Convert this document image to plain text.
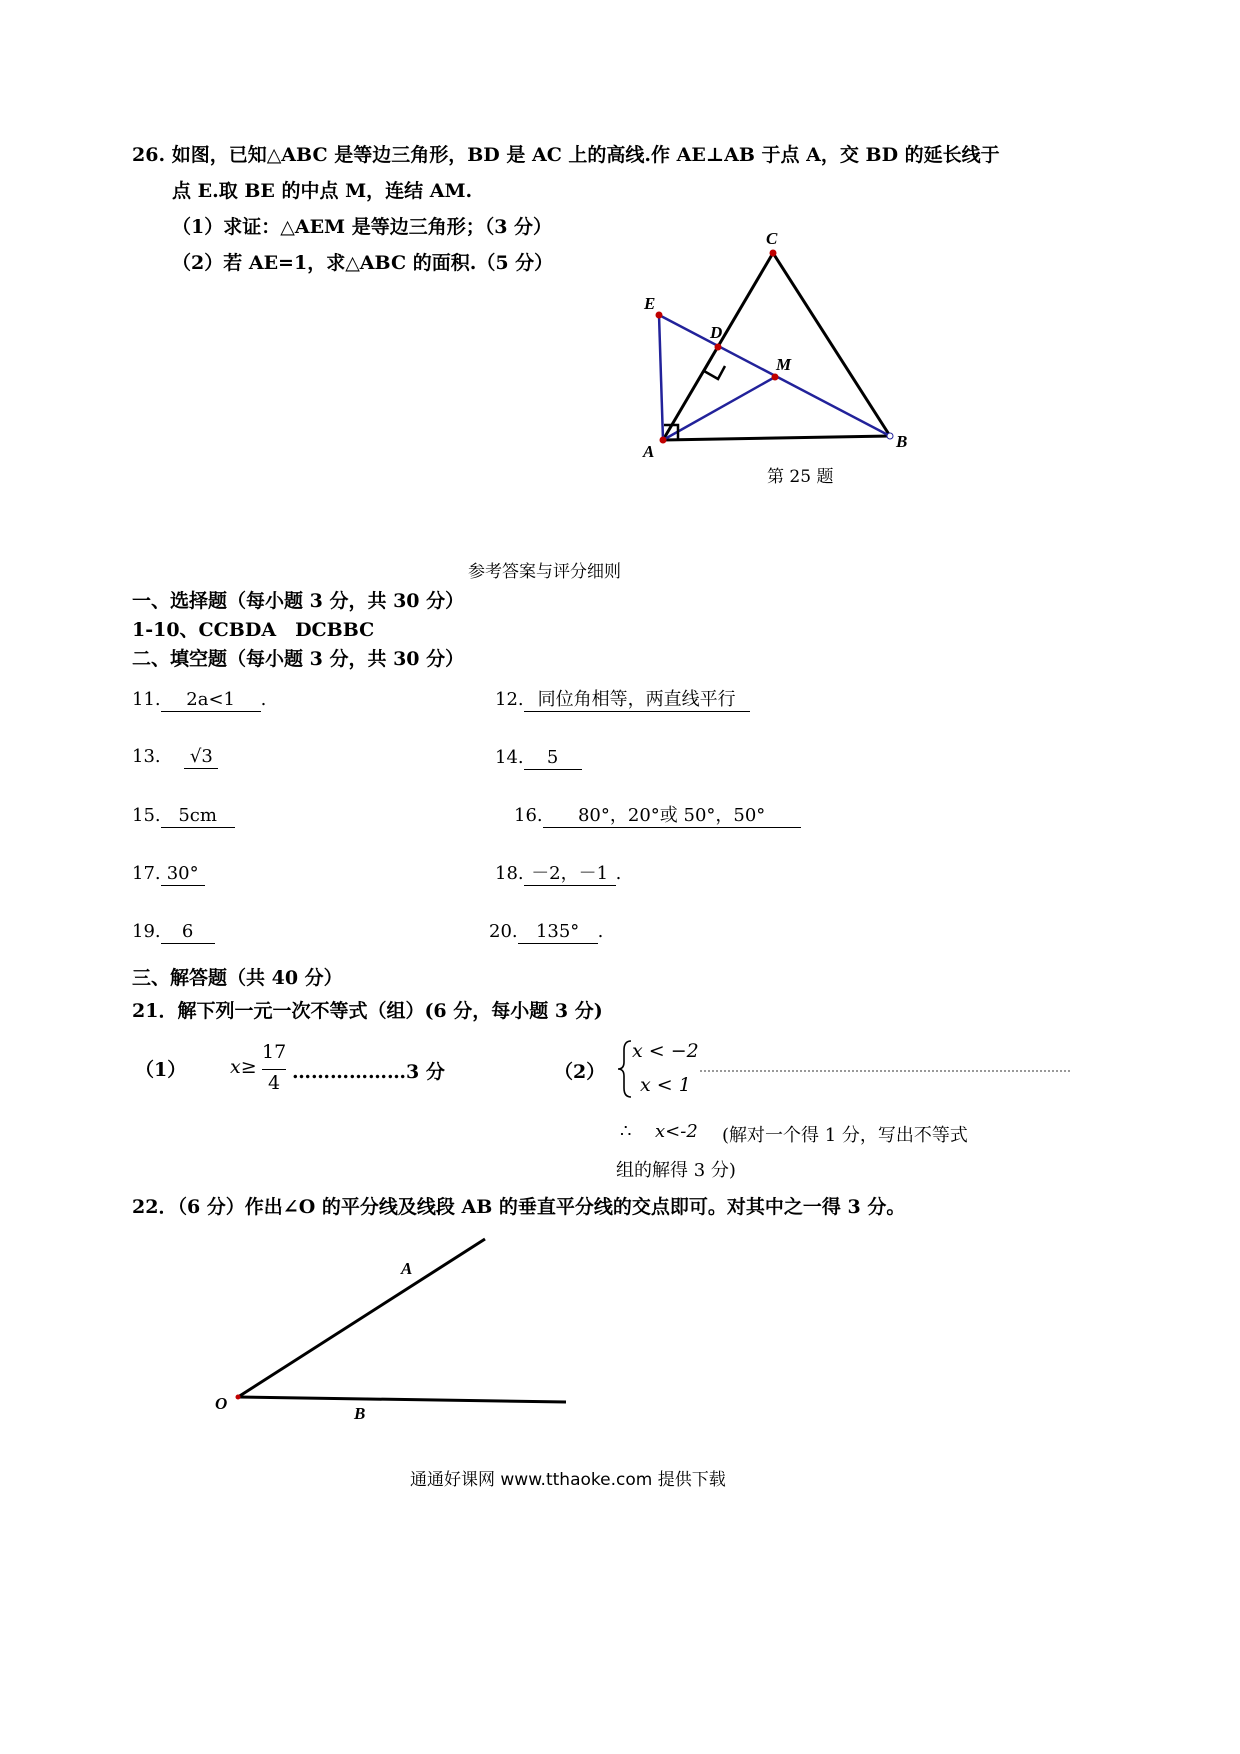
26. 如图，已知△ABC 是等边三角形，BD 是 AC 上的高线.作 AE⊥AB 于点 A，交 BD 的延长线于
点 E.取 BE 的中点 M，连结 AM.
（1）求证：△AEM 是等边三角形；（3 分）
（2）若 AE=1，求△ABC 的面积.（5 分）
C
E
D
M
A
B
第 25 题
参考答案与评分细则
一、选择题（每小题 3 分，共 30 分）
1-10、CCBDA　DCBBC
二、填空题（每小题 3 分，共 30 分）
11. 2a<1 .	12. 同位角相等，两直线平行
13. √3	14. 5
15. 5cm	16. 80°，20°或 50°，50°
17. 30°	18. －2，－1 .
19. 6	20. 135° .
三、解答题（共 40 分）
21．解下列一元一次不等式（组）(6 分，每小题 3 分)
（1） x≥
17
4 ………………3 分	（2）
x < −2
x < 1
∴ x<-2 (解对一个得 1 分，写出不等式
组的解得 3 分)
22．（6 分）作出∠O 的平分线及线段 AB 的垂直平分线的交点即可。对其中之一得 3 分。
A
O
B
通通好课网 www.tthaoke.com 提供下载
